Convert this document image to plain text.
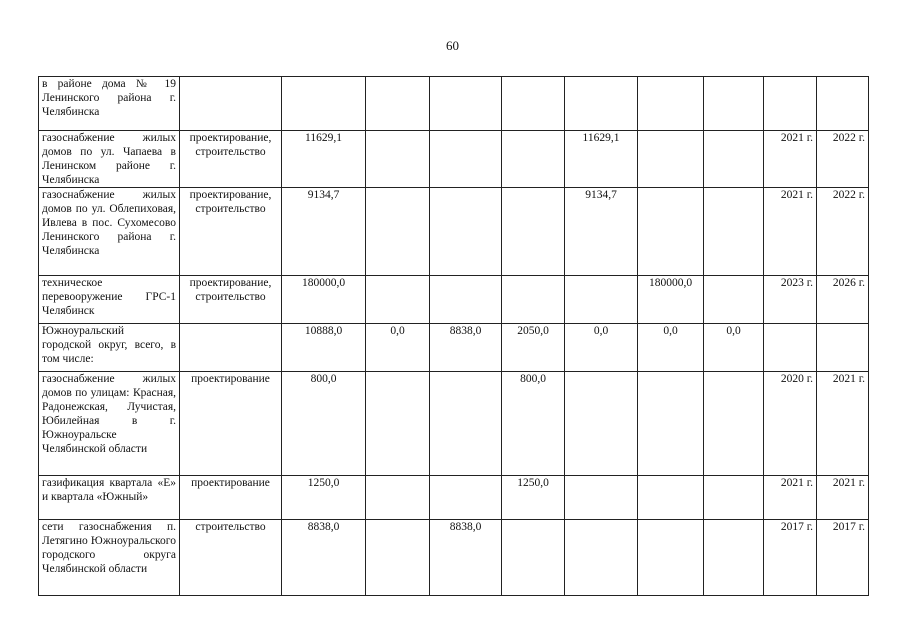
60
в районе дома № 19 Ленинского района г. Челябинска										
газоснабжение жилых домов по ул. Чапаева в Ленинском районе г. Челябинска	проектирование, строительство	11629,1				11629,1			2021 г.	2022 г.
газоснабжение жилых домов по ул. Облепиховая, Ивлева в пос. Сухомесово Ленинского района г. Челябинска	проектирование, строительство	9134,7				9134,7			2021 г.	2022 г.
техническое перевооружение ГРС-1 Челябинск	проектирование, строительство	180000,0					180000,0		2023 г.	2026 г.
Южноуральский городской округ, всего, в том числе:		10888,0	0,0	8838,0	2050,0	0,0	0,0	0,0		
газоснабжение жилых домов по улицам: Красная, Радонежская, Лучистая, Юбилейная в г. Южноуральске Челябинской области	проектирование	800,0			800,0				2020 г.	2021 г.
газификация квартала «Е» и квартала «Южный»	проектирование	1250,0			1250,0				2021 г.	2021 г.
сети газоснабжения п. Летягино Южноуральского городского округа Челябинской области	строительство	8838,0		8838,0					2017 г.	2017 г.
